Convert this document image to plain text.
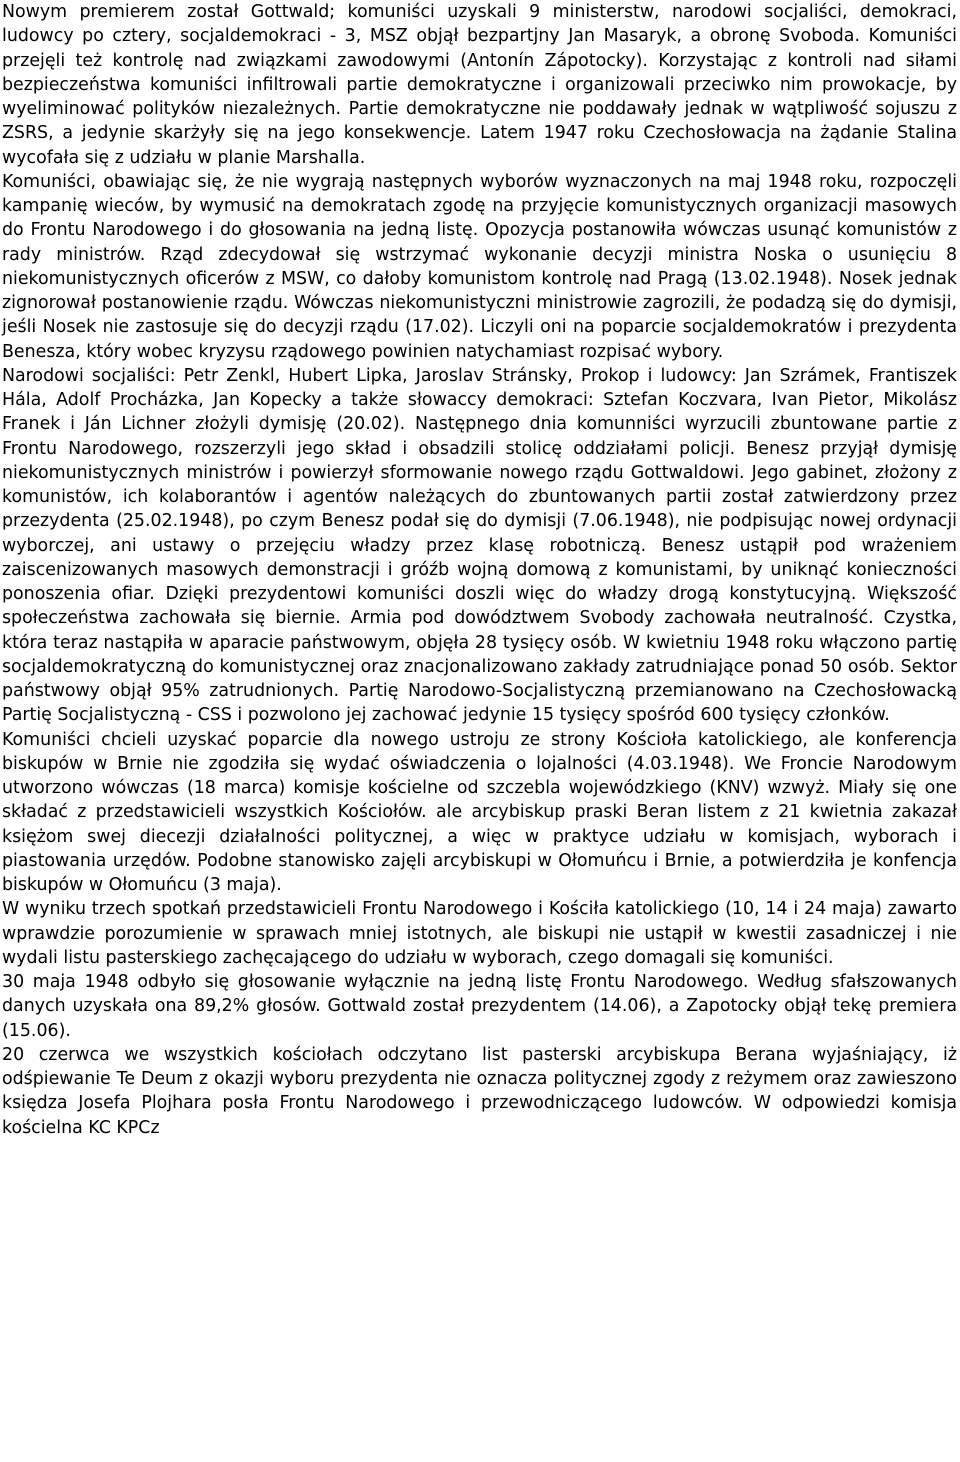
Nowym premierem został Gottwald; komuniści uzyskali 9 ministerstw, narodowi socjaliści, demokraci, ludowcy po cztery, socjaldemokraci - 3, MSZ objął bezpartjny Jan Masaryk, a obronę Svoboda. Komuniści przejęli też kontrolę nad związkami zawodowymi (Antonín Zápotocky). Korzystając z kontroli nad siłami bezpieczeństwa komuniści infiltrowali partie demokratyczne i organizowali przeciwko nim prowokacje, by wyeliminować polityków niezależnych. Partie demokratyczne nie poddawały jednak w wątpliwość sojuszu z ZSRS, a jedynie skarżyły się na jego konsekwencje. Latem 1947 roku Czechosłowacja na żądanie Stalina wycofała się z udziału w planie Marshalla.

Komuniści, obawiając się, że nie wygrają następnych wyborów wyznaczonych na maj 1948 roku, rozpoczęli kampanię wieców, by wymusić na demokratach zgodę na przyjęcie komunistycznych organizacji masowych do Frontu Narodowego i do głosowania na jedną listę. Opozycja postanowiła wówczas usunąć komunistów z rady ministrów. Rząd zdecydował się wstrzymać wykonanie decyzji ministra Noska o usunięciu 8 niekomunistycznych oficerów z MSW, co dałoby komunistom kontrolę nad Pragą (13.02.1948). Nosek jednak zignorował postanowienie rządu. Wówczas niekomunistyczni ministrowie zagrozili, że podadzą się do dymisji, jeśli Nosek nie zastosuje się do decyzji rządu (17.02). Liczyli oni na poparcie socjaldemokratów i prezydenta Benesza, który wobec kryzysu rządowego powinien natychamiast rozpisać wybory.

Narodowi socjaliści: Petr Zenkl, Hubert Lipka, Jaroslav Stránsky, Prokop i ludowcy: Jan Szrámek, Frantiszek Hála, Adolf Procházka, Jan Kopecky a także słowaccy demokraci: Sztefan Koczvara, Ivan Pietor, Mikolász Franek i Ján Lichner złożyli dymisję (20.02). Następnego dnia komunniści wyrzucili zbuntowane partie z Frontu Narodowego, rozszerzyli jego skład i obsadzili stolicę oddziałami policji. Benesz przyjął dymisję niekomunistycznych ministrów i powierzył sformowanie nowego rządu Gottwaldowi. Jego gabinet, złożony z komunistów, ich kolaborantów i agentów należących do zbuntowanych partii został zatwierdzony przez przezydenta (25.02.1948), po czym Benesz podał się do dymisji (7.06.1948), nie podpisując nowej ordynacji wyborczej, ani ustawy o przejęciu władzy przez klasę robotniczą. Benesz ustąpił pod wrażeniem zaiscenizowanych masowych demonstracji i gróźb wojną domową z komunistami, by uniknąć konieczności ponoszenia ofiar. Dzięki prezydentowi komuniści doszli więc do władzy drogą konstytucyjną. Większość społeczeństwa zachowała się biernie. Armia pod dowództwem Svobody zachowała neutralność. Czystka, która teraz nastąpiła w aparacie państwowym, objęła 28 tysięcy osób. W kwietniu 1948 roku włączono partię socjaldemokratyczną do komunistycznej oraz znacjonalizowano zakłady zatrudniające ponad 50 osób. Sektor państwowy objął 95% zatrudnionych. Partię Narodowo-Socjalistyczną przemianowano na Czechosłowacką Partię Socjalistyczną - CSS i pozwolono jej zachować jedynie 15 tysięcy spośród 600 tysięcy członków.

Komuniści chcieli uzyskać poparcie dla nowego ustroju ze strony Kościoła katolickiego, ale konferencja biskupów w Brnie nie zgodziła się wydać oświadczenia o lojalności (4.03.1948). We Froncie Narodowym utworzono wówczas (18 marca) komisje kościelne od szczebla wojewódzkiego (KNV) wzwyż. Miały się one składać z przedstawicieli wszystkich Kościołów. ale arcybiskup praski Beran listem z 21 kwietnia zakazał księżom swej diecezji działalności politycznej, a więc w praktyce udziału w komisjach, wyborach i piastowania urzędów. Podobne stanowisko zajęli arcybiskupi w Ołomuńcu i Brnie, a potwierdziła je konfencja biskupów w Ołomuńcu (3 maja).

W wyniku trzech spotkań przedstawicieli Frontu Narodowego i Kościła katolickiego (10, 14 i 24 maja) zawarto wprawdzie porozumienie w sprawach mniej istotnych, ale biskupi nie ustąpił w kwestii zasadniczej i nie wydali listu pasterskiego zachęcającego do udziału w wyborach, czego domagali się komuniści.

30 maja 1948 odbyło się głosowanie wyłącznie na jedną listę Frontu Narodowego. Według sfałszowanych danych uzyskała ona 89,2% głosów. Gottwald został prezydentem (14.06), a Zapotocky objął tekę premiera (15.06).

20 czerwca we wszystkich kościołach odczytano list pasterski arcybiskupa Berana wyjaśniający, iż odśpiewanie Te Deum z okazji wyboru prezydenta nie oznacza politycznej zgody z reżymem oraz zawieszono księdza Josefa Plojhara posła Frontu Narodowego i przewodniczącego ludowców. W odpowiedzi komisja kościelna KC KPCz
